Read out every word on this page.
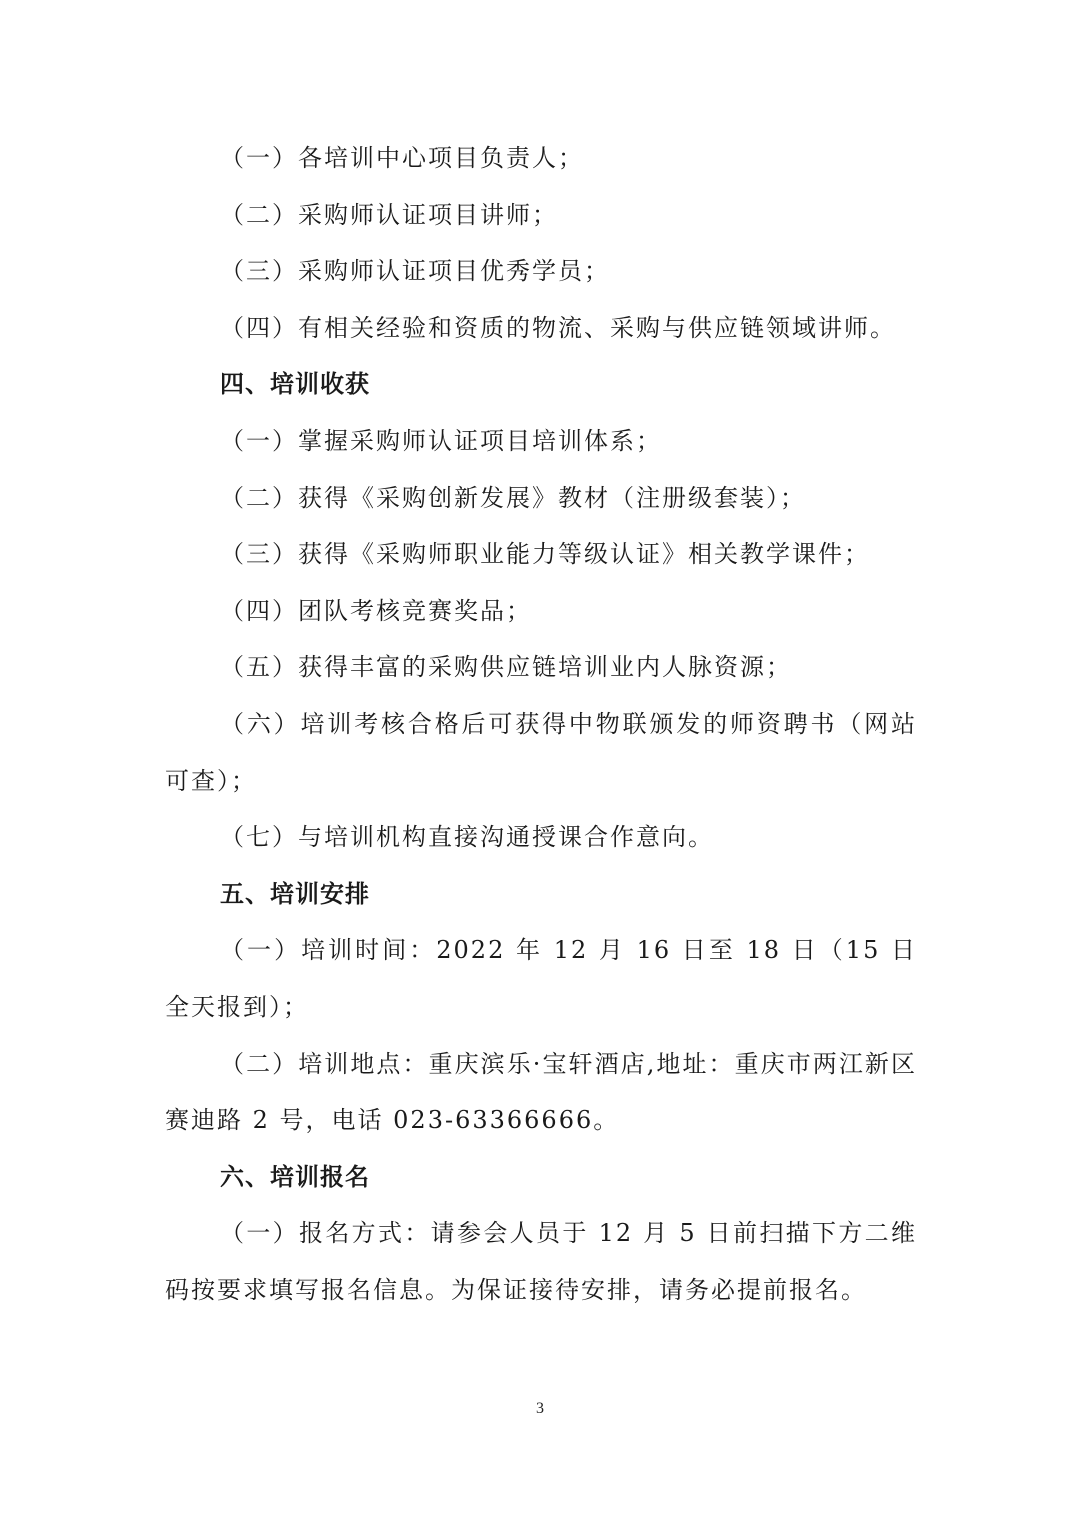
（一）各培训中心项目负责人；

（二）采购师认证项目讲师；

（三）采购师认证项目优秀学员；

（四）有相关经验和资质的物流、采购与供应链领域讲师。

四、培训收获

（一）掌握采购师认证项目培训体系；

（二）获得《采购创新发展》教材（注册级套装）；

（三）获得《采购师职业能力等级认证》相关教学课件；

（四）团队考核竞赛奖品；

（五）获得丰富的采购供应链培训业内人脉资源；

（六）培训考核合格后可获得中物联颁发的师资聘书（网站可查）；

（七）与培训机构直接沟通授课合作意向。

五、培训安排

（一）培训时间：2022 年 12 月 16 日至 18 日（15 日全天报到）；

（二）培训地点：重庆滨乐·宝轩酒店,地址：重庆市两江新区赛迪路 2 号，电话 023-63366666。

六、培训报名

（一）报名方式：请参会人员于 12 月 5 日前扫描下方二维码按要求填写报名信息。为保证接待安排，请务必提前报名。

3
